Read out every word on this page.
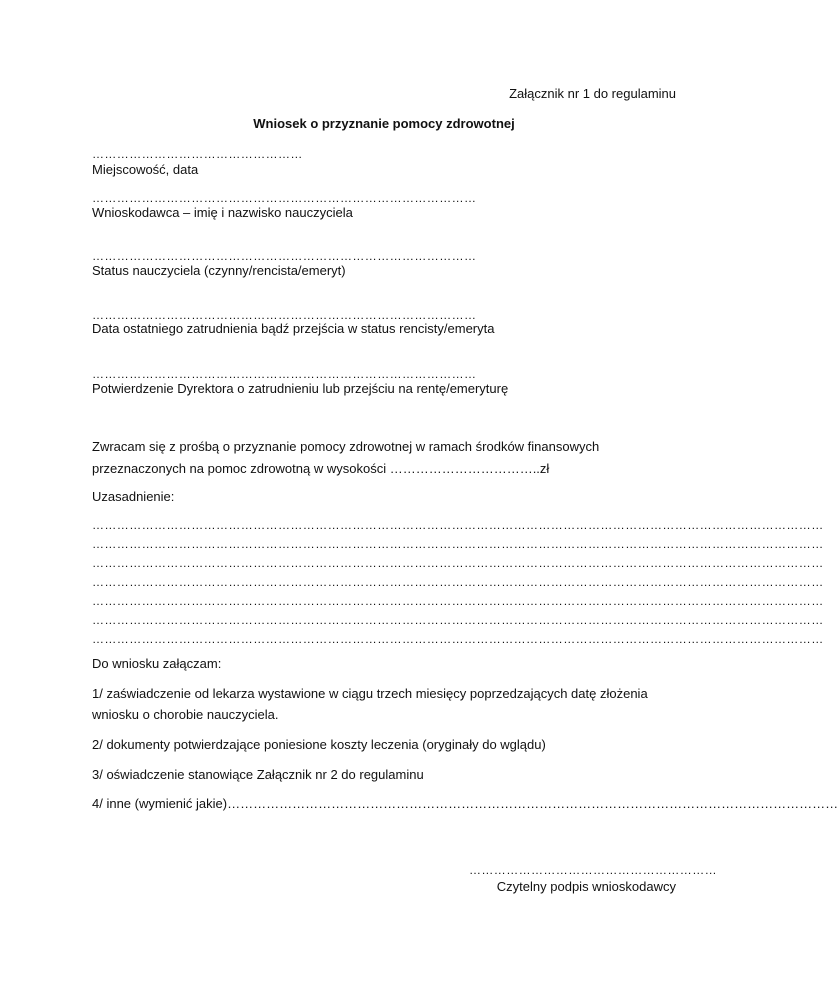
Załącznik nr 1 do regulaminu
Wniosek o przyznanie pomocy zdrowotnej
……………………………………………
Miejscowość, data
…………………………………………………………………………………
Wnioskodawca – imię i nazwisko nauczyciela
…………………………………………………………………………………
Status nauczyciela (czynny/rencista/emeryt)
…………………………………………………………………………………
Data ostatniego zatrudnienia bądź przejścia w status rencisty/emeryta
…………………………………………………………………………………
Potwierdzenie Dyrektora o zatrudnieniu lub przejściu na rentę/emeryturę
Zwracam się z prośbą o przyznanie pomocy zdrowotnej w ramach środków finansowych
przeznaczonych na pomoc zdrowotną w wysokości ……………………………..zł
Uzasadnienie:
……………………………………………………………………………………………………………………………………………………………
……………………………………………………………………………………………………………………………………………………………
……………………………………………………………………………………………………………………………………………………………
……………………………………………………………………………………………………………………………………………………………
……………………………………………………………………………………………………………………………………………………………
……………………………………………………………………………………………………………………………………………………………
……………………………………………………………………………………………………………………………………………………………
Do wniosku załączam:
1/ zaświadczenie od lekarza wystawione w ciągu trzech miesięcy poprzedzających datę złożenia
wniosku o chorobie nauczyciela.
2/ dokumenty potwierdzające poniesione koszty leczenia (oryginały do wglądu)
3/ oświadczenie stanowiące Załącznik nr 2 do regulaminu
4/ inne (wymienić jakie)……………………………………………………………………………………………………………………………
……………………………………………………
Czytelny podpis wnioskodawcy
